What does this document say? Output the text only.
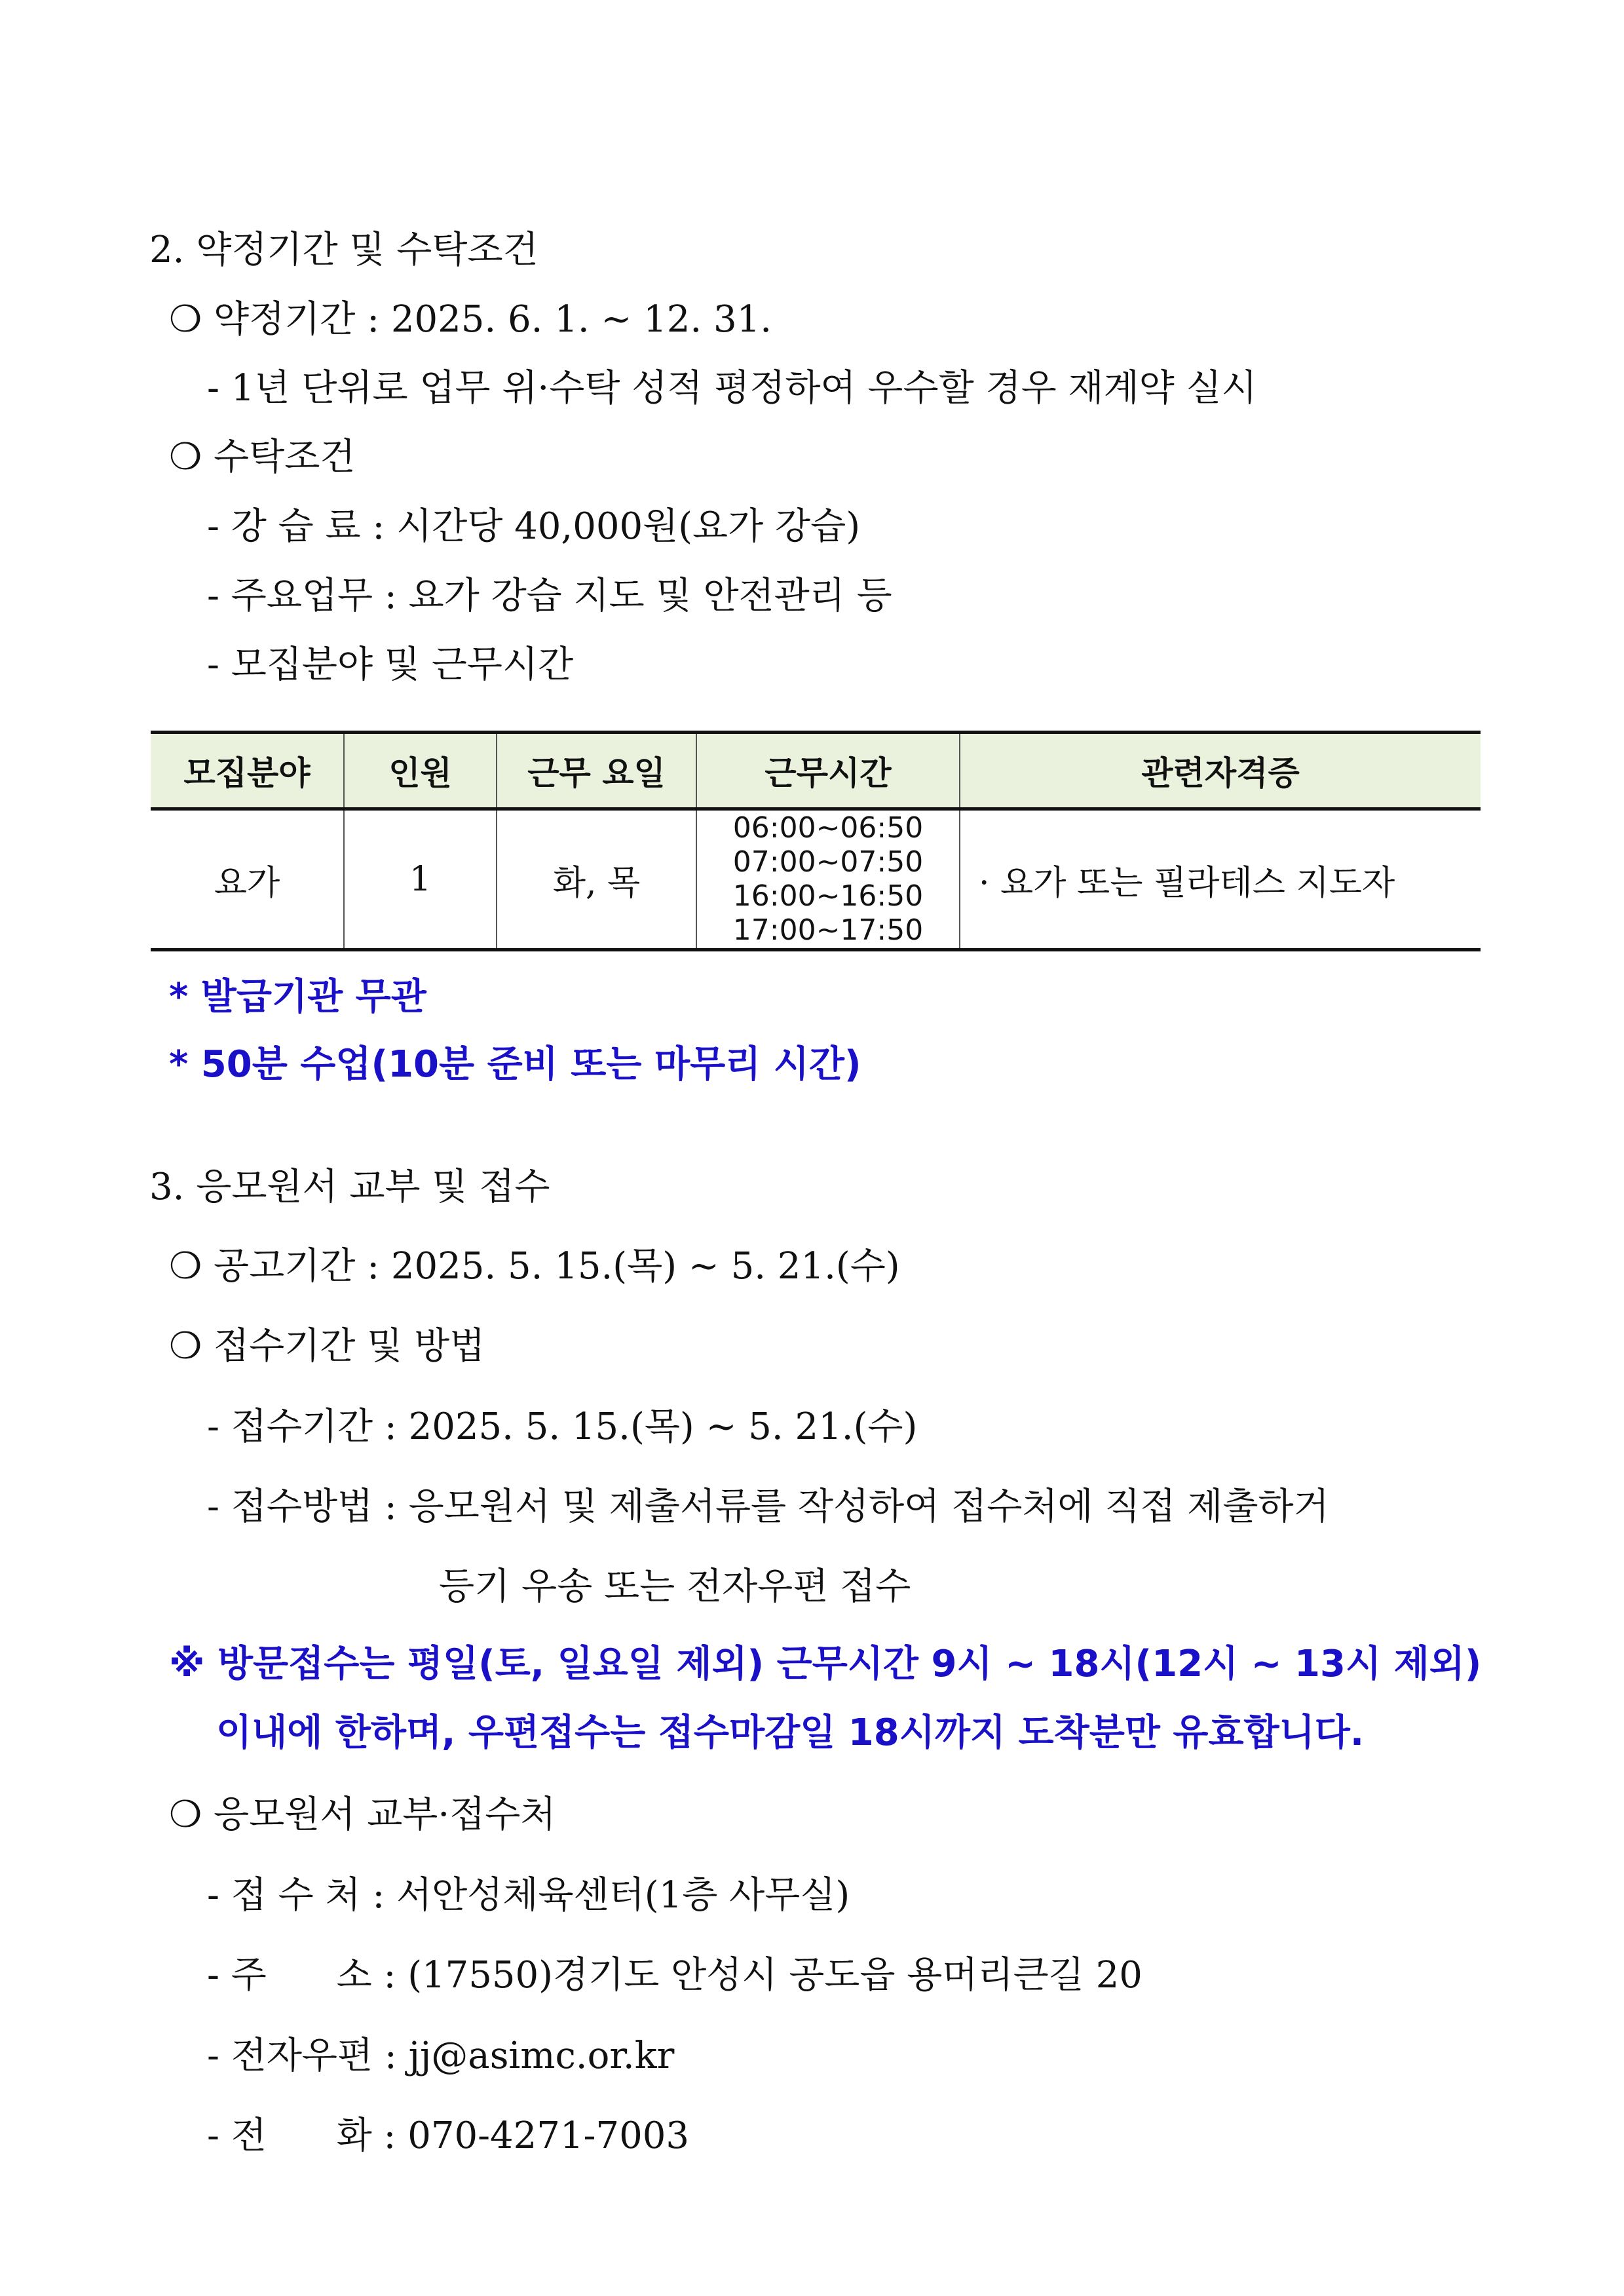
2. 약정기간 및 수탁조건
❍ 약정기간 : 2025. 6. 1. ~ 12. 31.
- 1년 단위로 업무 위·수탁 성적 평정하여 우수할 경우 재계약 실시
❍ 수탁조건
- 강 습 료 : 시간당 40,000원(요가 강습)
- 주요업무 : 요가 강습 지도 및 안전관리 등
- 모집분야 및 근무시간
모집분야	인원	근무 요일	근무시간	관련자격증
요가	1	화, 목	06:00~06:50
07:00~07:50
16:00~16:50
17:00~17:50	· 요가 또는 필라테스 지도자
* 발급기관 무관
* 50분 수업(10분 준비 또는 마무리 시간)
3. 응모원서 교부 및 접수
❍ 공고기간 : 2025. 5. 15.(목) ~ 5. 21.(수)
❍ 접수기간 및 방법
- 접수기간 : 2025. 5. 15.(목) ~ 5. 21.(수)
- 접수방법 : 응모원서 및 제출서류를 작성하여 접수처에 직접 제출하거
등기 우송 또는 전자우편 접수
※ 방문접수는 평일(토, 일요일 제외) 근무시간 9시 ~ 18시(12시 ~ 13시 제외)
이내에 한하며, 우편접수는 접수마감일 18시까지 도착분만 유효합니다.
❍ 응모원서 교부·접수처
- 접 수 처 : 서안성체육센터(1층 사무실)
- 주      소 : (17550)경기도 안성시 공도읍 용머리큰길 20
- 전자우편 : jj@asimc.or.kr
- 전      화 : 070-4271-7003
